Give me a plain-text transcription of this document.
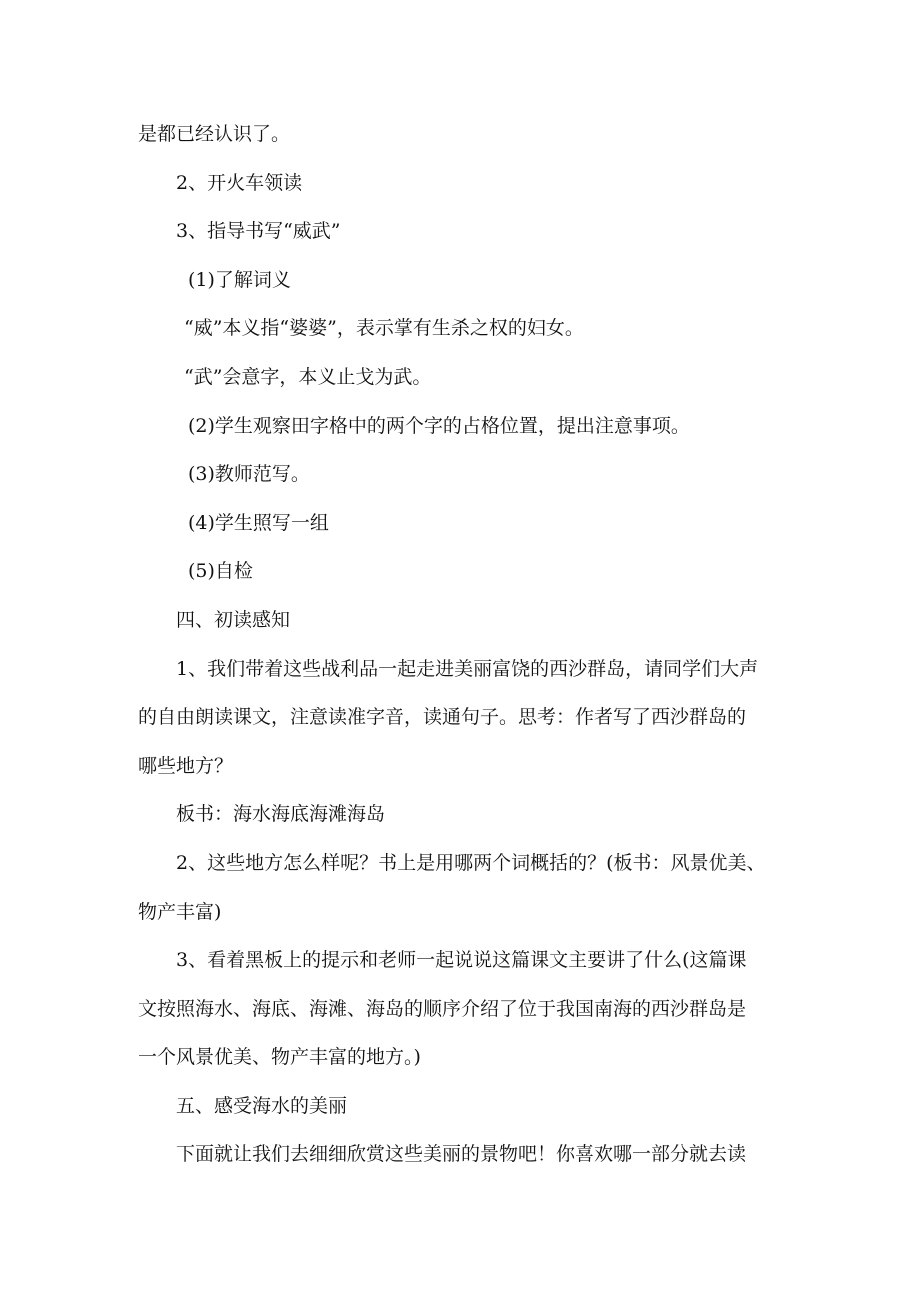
是都已经认识了。
2、开火车领读
3、指导书写“威武”
(1)了解词义
“威”本义指“婆婆”，表示掌有生杀之权的妇女。
“武”会意字，本义止戈为武。
(2)学生观察田字格中的两个字的占格位置，提出注意事项。
(3)教师范写。
(4)学生照写一组
(5)自检
四、初读感知
1、我们带着这些战利品一起走进美丽富饶的西沙群岛，请同学们大声
的自由朗读课文，注意读准字音，读通句子。思考：作者写了西沙群岛的
哪些地方？
板书：海水海底海滩海岛
2、这些地方怎么样呢？书上是用哪两个词概括的？(板书：风景优美、
物产丰富)
3、看着黑板上的提示和老师一起说说这篇课文主要讲了什么(这篇课
文按照海水、海底、海滩、海岛的顺序介绍了位于我国南海的西沙群岛是
一个风景优美、物产丰富的地方。)
五、感受海水的美丽
下面就让我们去细细欣赏这些美丽的景物吧！你喜欢哪一部分就去读
